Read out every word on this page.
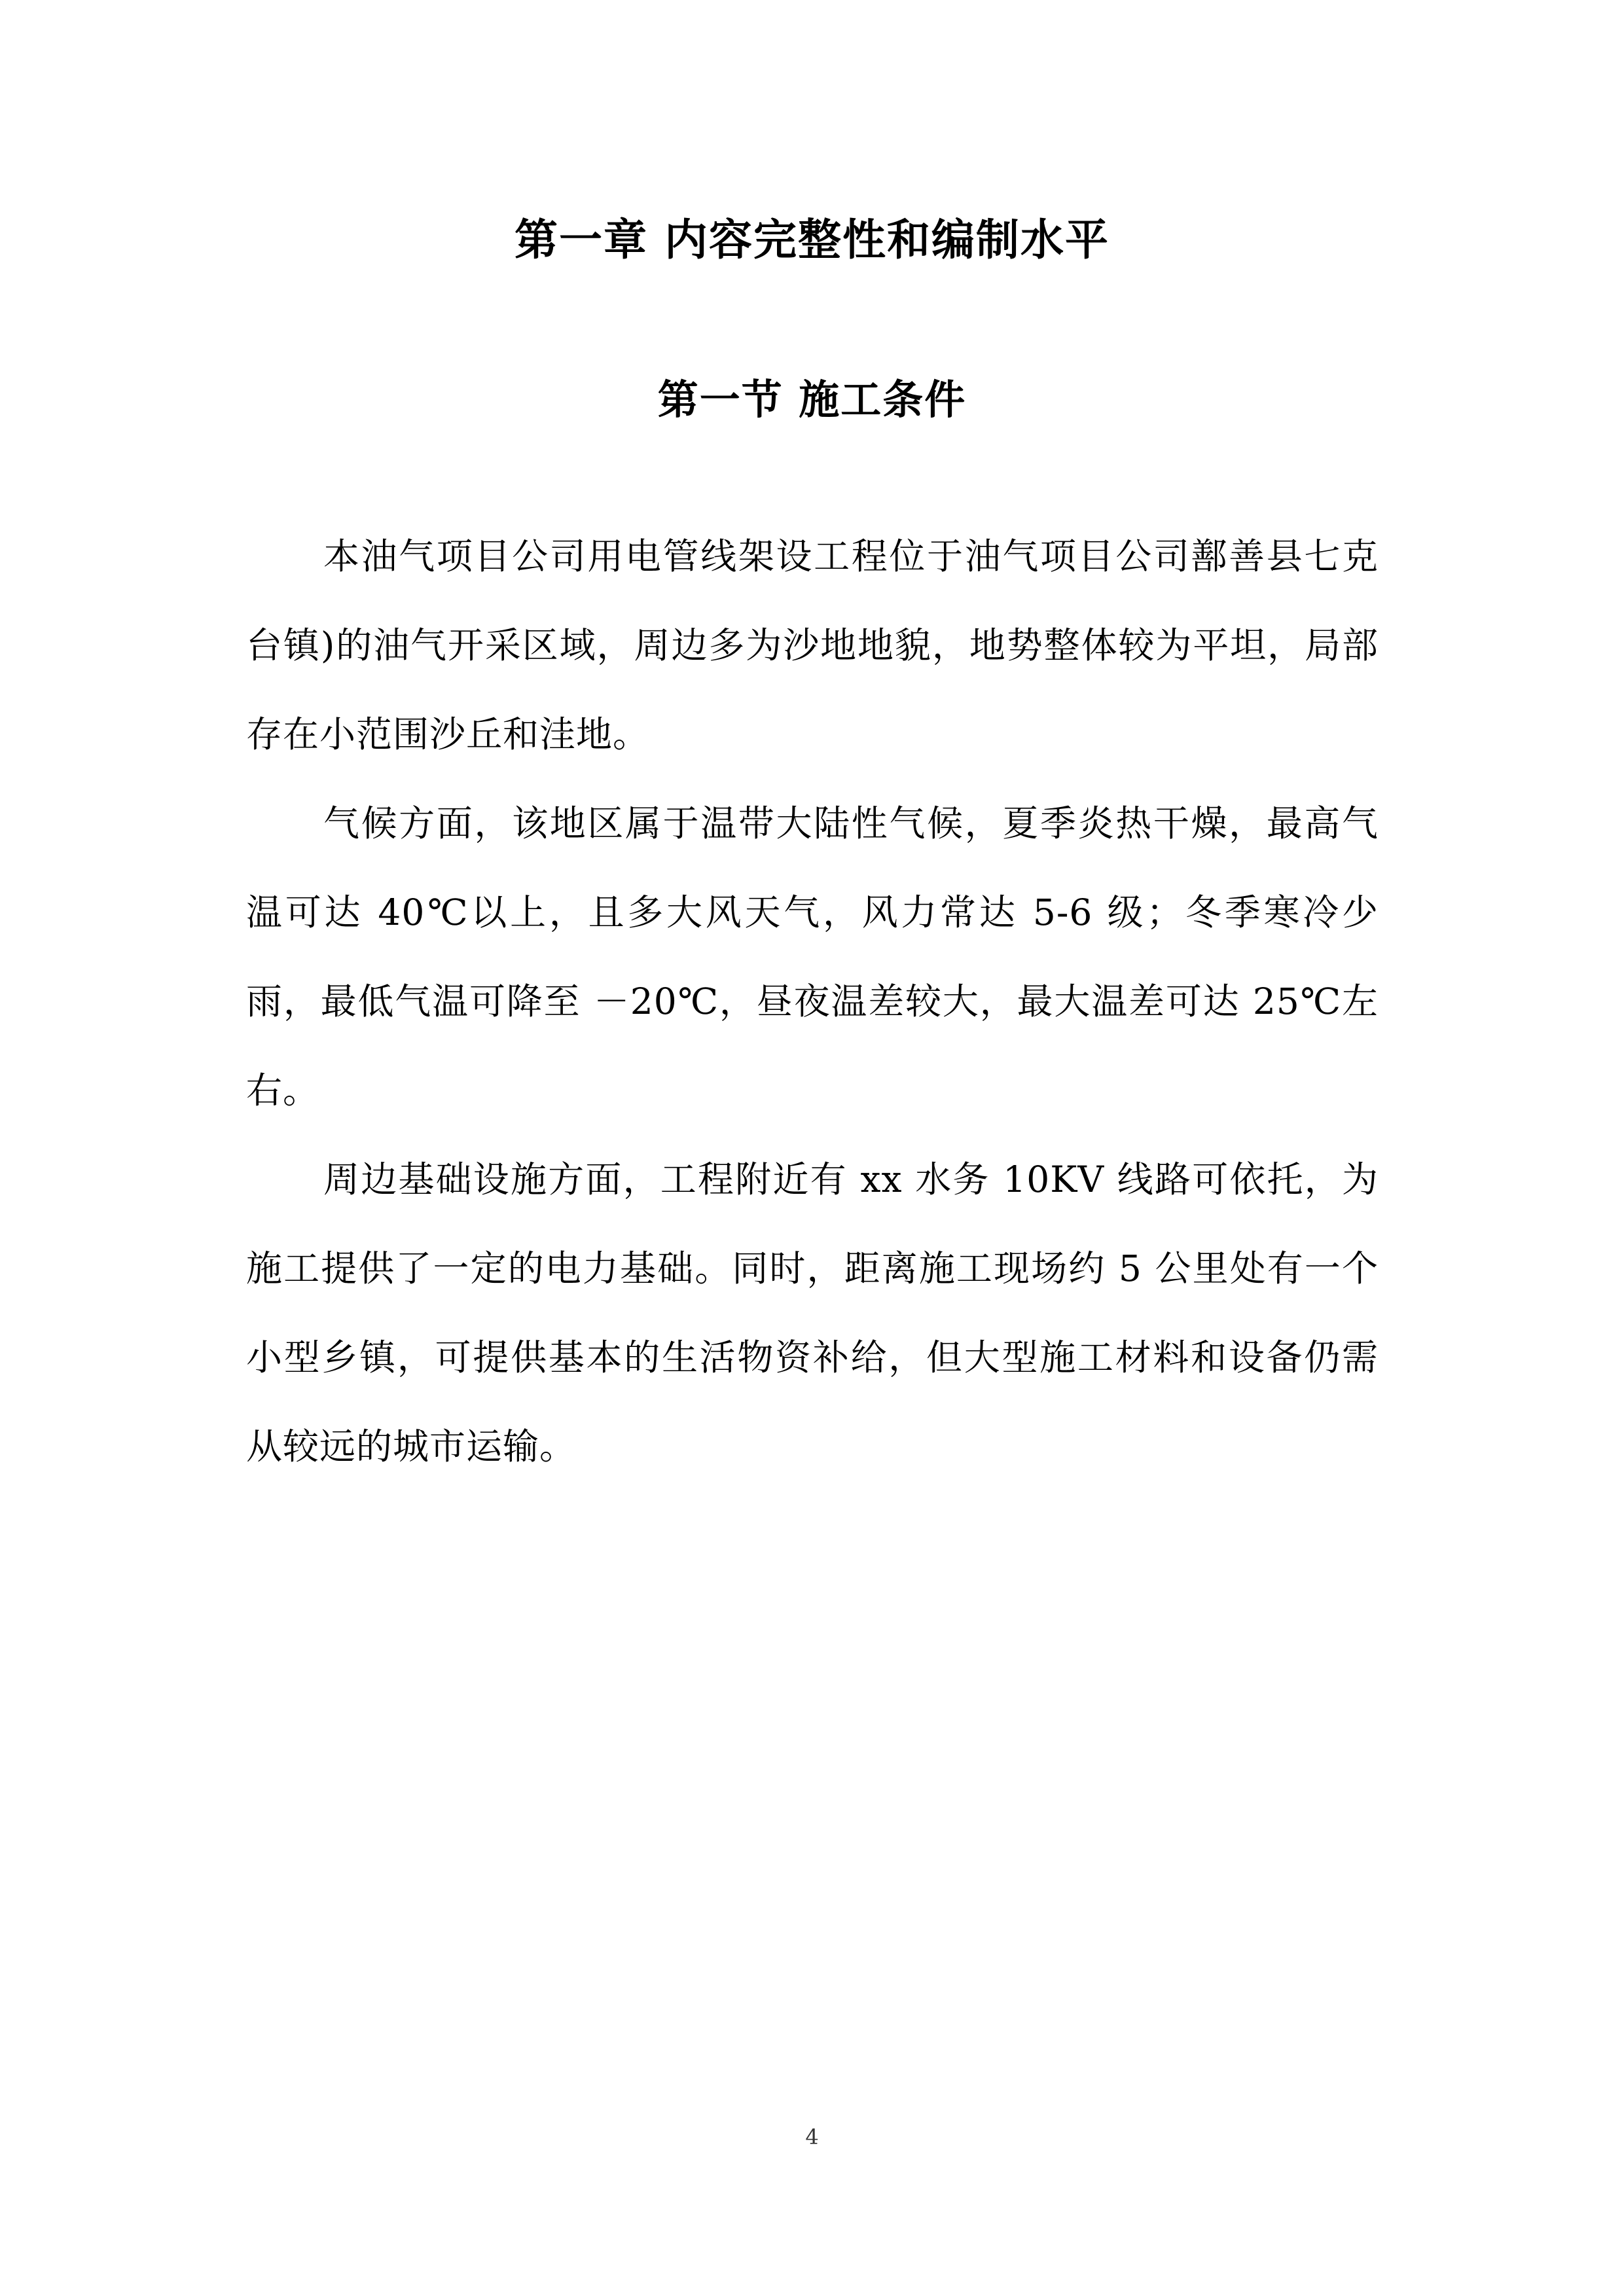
第一章 内容完整性和编制水平
第一节 施工条件

本油气项目公司用电管线架设工程位于油气项目公司鄯善县七克台镇)的油气开采区域，周边多为沙地地貌，地势整体较为平坦，局部存在小范围沙丘和洼地。

气候方面，该地区属于温带大陆性气候，夏季炎热干燥，最高气温可达 40℃以上，且多大风天气，风力常达 5-6 级；冬季寒冷少雨，最低气温可降至 －20℃，昼夜温差较大，最大温差可达 25℃左右。

周边基础设施方面，工程附近有 xx 水务 10KV 线路可依托，为施工提供了一定的电力基础。同时，距离施工现场约 5 公里处有一个小型乡镇，可提供基本的生活物资补给，但大型施工材料和设备仍需从较远的城市运输。

4
